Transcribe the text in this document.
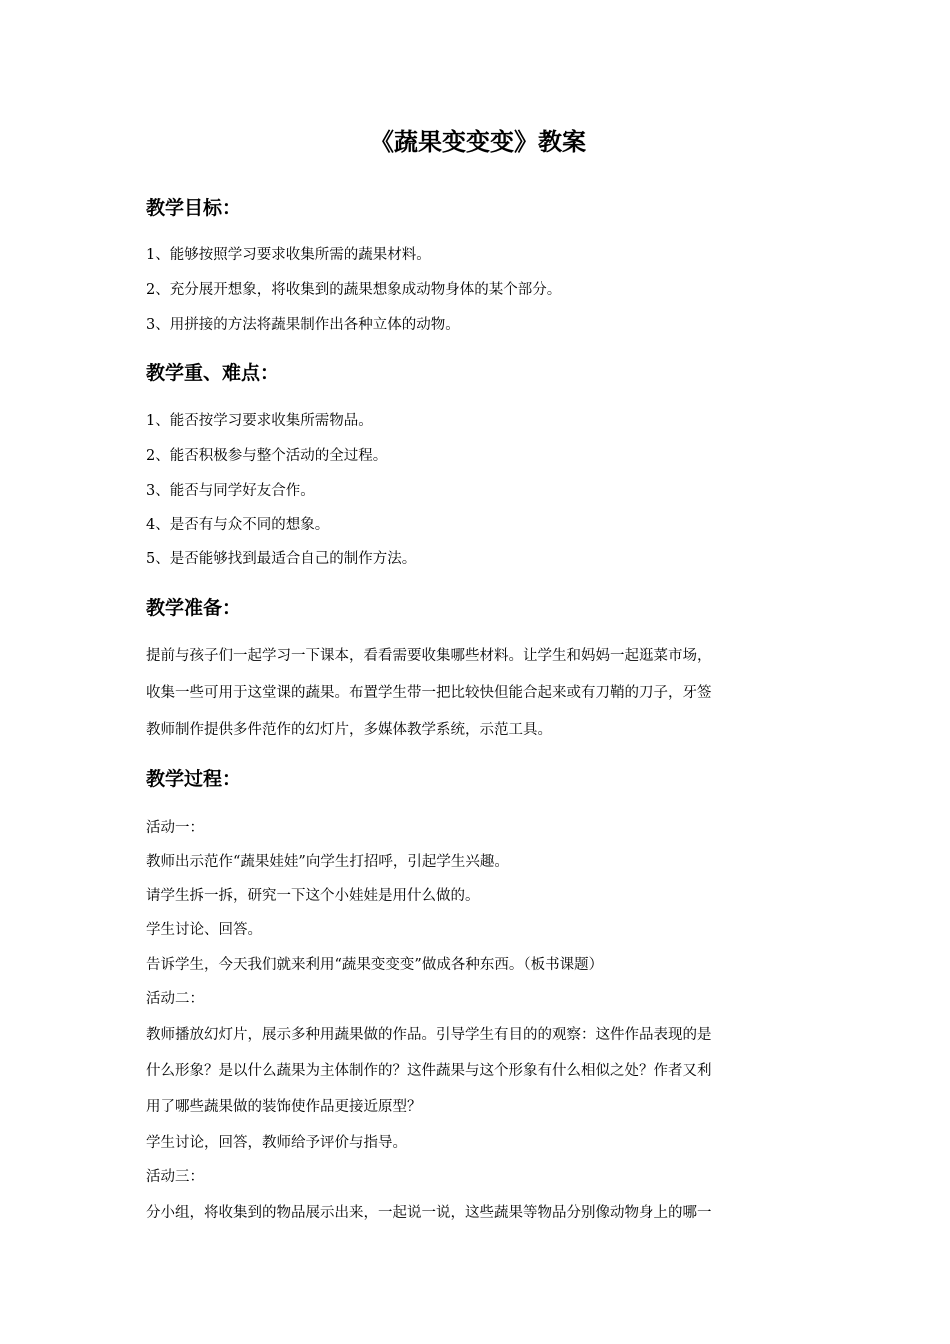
《蔬果变变变》教案
教学目标：

1、能够按照学习要求收集所需的蔬果材料。

2、充分展开想象，将收集到的蔬果想象成动物身体的某个部分。

3、用拼接的方法将蔬果制作出各种立体的动物。

教学重、难点：

1、能否按学习要求收集所需物品。

2、能否积极参与整个活动的全过程。

3、能否与同学好友合作。

4、是否有与众不同的想象。

5、是否能够找到最适合自己的制作方法。

教学准备：

提前与孩子们一起学习一下课本，看看需要收集哪些材料。让学生和妈妈一起逛菜市场，

收集一些可用于这堂课的蔬果。布置学生带一把比较快但能合起来或有刀鞘的刀子，牙签

教师制作提供多件范作的幻灯片，多媒体教学系统，示范工具。

教学过程：

活动一：

教师出示范作“蔬果娃娃”向学生打招呼，引起学生兴趣。

请学生拆一拆，研究一下这个小娃娃是用什么做的。

学生讨论、回答。

告诉学生，今天我们就来利用“蔬果变变变”做成各种东西。（板书课题）

活动二：

教师播放幻灯片，展示多种用蔬果做的作品。引导学生有目的的观察：这件作品表现的是

什么形象？是以什么蔬果为主体制作的？这件蔬果与这个形象有什么相似之处？作者又利

用了哪些蔬果做的装饰使作品更接近原型？

学生讨论，回答，教师给予评价与指导。

活动三：

分小组，将收集到的物品展示出来，一起说一说，这些蔬果等物品分别像动物身上的哪一
